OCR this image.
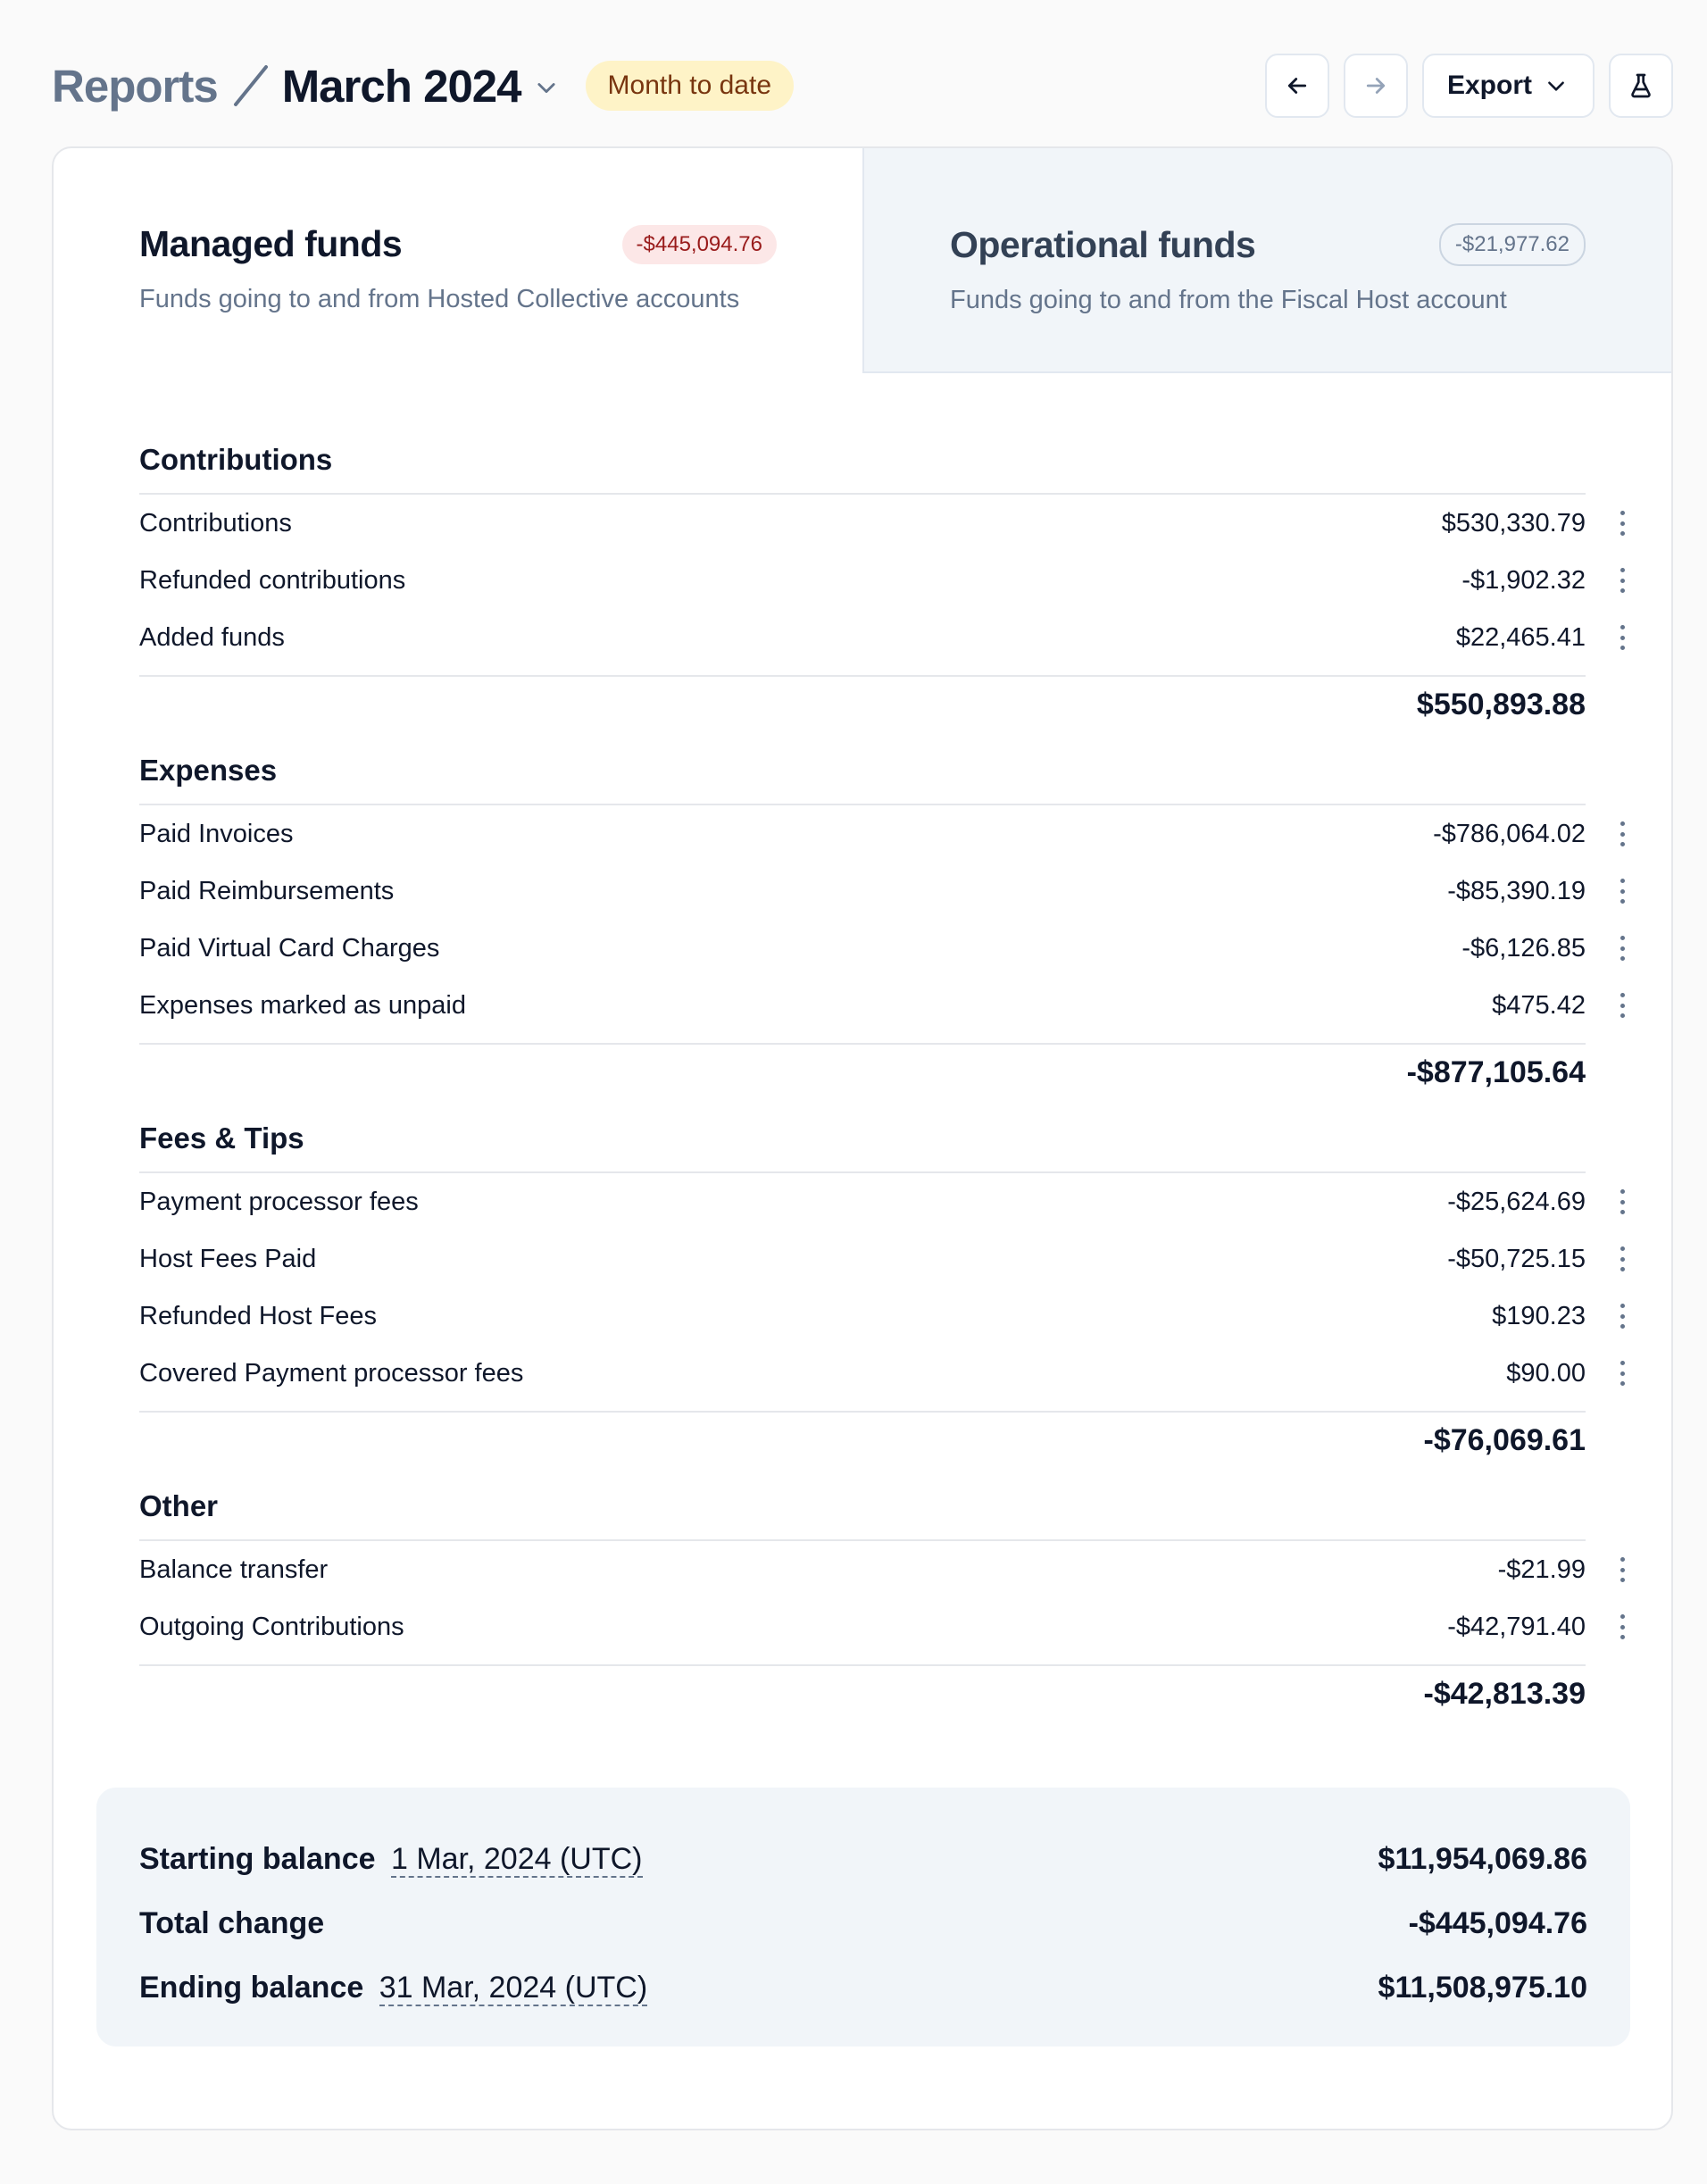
Reports March 2024	Month to date	Export
Managed funds	-$445,094.76
Funds going to and from Hosted Collective accounts
Operational funds	-$21,977.62
Funds going to and from the Fiscal Host account
Contributions
Contributions	$530,330.79
Refunded contributions	-$1,902.32
Added funds	$22,465.41
$550,893.88
Expenses
Paid Invoices	-$786,064.02
Paid Reimbursements	-$85,390.19
Paid Virtual Card Charges	-$6,126.85
Expenses marked as unpaid	$475.42
-$877,105.64
Fees & Tips
Payment processor fees	-$25,624.69
Host Fees Paid	-$50,725.15
Refunded Host Fees	$190.23
Covered Payment processor fees	$90.00
-$76,069.61
Other
Balance transfer	-$21.99
Outgoing Contributions	-$42,791.40
-$42,813.39
Starting balance 1 Mar, 2024 (UTC)	$11,954,069.86
Total change	-$445,094.76
Ending balance 31 Mar, 2024 (UTC)	$11,508,975.10
